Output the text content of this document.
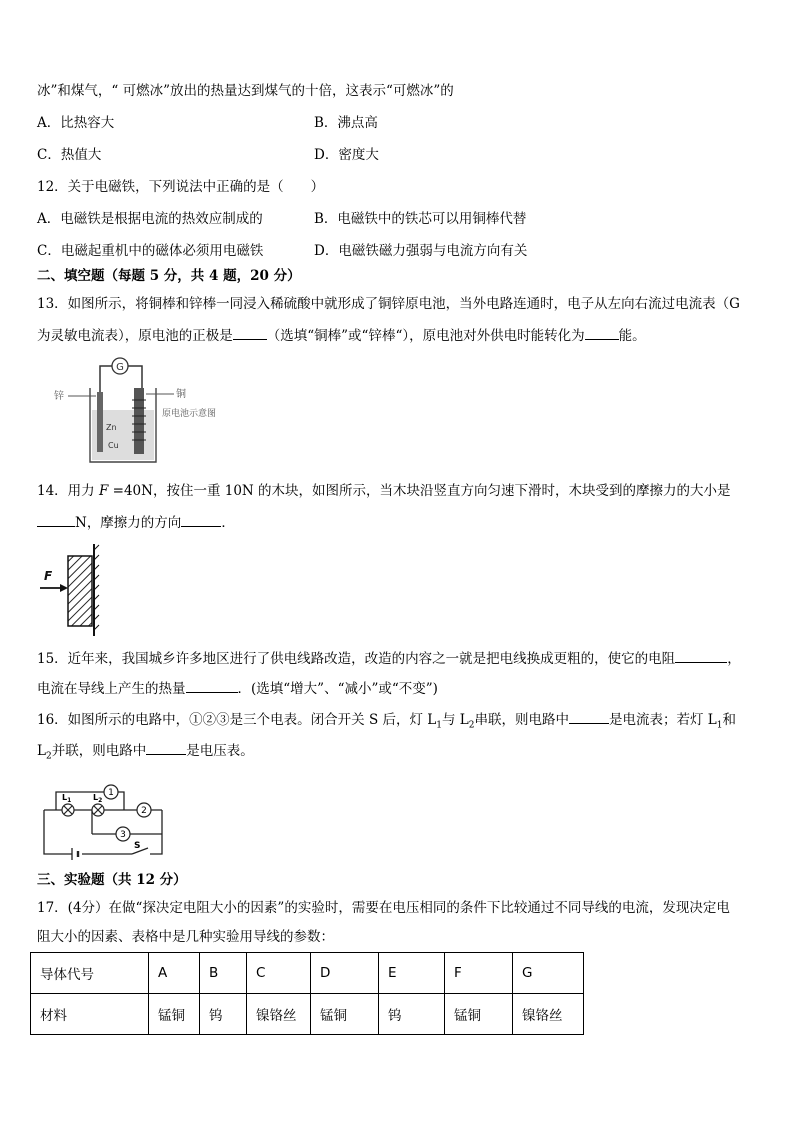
冰”和煤气，“ 可燃冰”放出的热量达到煤气的十倍，这表示“可燃冰”的
A．比热容大	B．沸点高
C．热值大	D．密度大
12．关于电磁铁，下列说法中正确的是（　　）
A．电磁铁是根据电流的热效应制成的	B．电磁铁中的铁芯可以用铜棒代替
C．电磁起重机中的磁体必须用电磁铁	D．电磁铁磁力强弱与电流方向有关
二、填空题（每题 5 分，共 4 题，20 分）
13．如图所示，将铜棒和锌棒一同浸入稀硫酸中就形成了铜锌原电池，当外电路连通时，电子从左向右流过电流表（G
为灵敏电流表），原电池的正极是	（选填“铜棒”或“锌棒“），原电池对外供电时能转化为	能。
G
Zn
Cu
锌	铜
原电池示意图
14．用力 F =40N，按住一重 10N 的木块，如图所示，当木块沿竖直方向匀速下滑时，木块受到的摩擦力的大小是
N，摩擦力的方向	．
F
15．近年来，我国城乡许多地区进行了供电线路改造，改造的内容之一就是把电线换成更粗的，使它的电阻	，
电流在导线上产生的热量	．(选填“增大”、“减小”或“不变”)
16．如图所示的电路中，①②③是三个电表。闭合开关 S 后，灯 $L_1$与 $L_2$串联，则电路中	是电流表；若灯 $L_1$和
$L_2$并联，则电路中	是电压表。
$L_1$	$L_2$
1
2
3
S
三、实验题（共 12 分）
17．(4分）在做“探决定电阻大小的因素”的实验时，需要在电压相同的条件下比较通过不同导线的电流，发现决定电
阻大小的因素、表格中是几种实验用导线的参数：
导体代号	A	B	C	D	E	F	G
材料	锰铜	钨	镍铬丝	锰铜	钨	锰铜	镍铬丝
